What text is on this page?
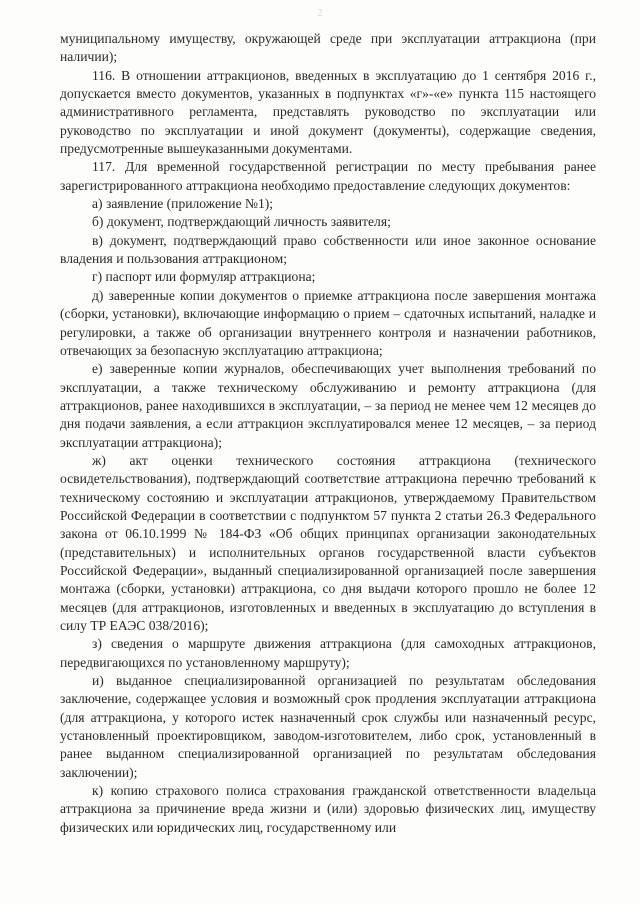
2

муниципальному имуществу, окружающей среде при эксплуатации аттракциона (при наличии);

116. В отношении аттракционов, введенных в эксплуатацию до 1 сентября 2016 г., допускается вместо документов, указанных в подпунктах «г»-«е» пункта 115 настоящего административного регламента, представлять руководство по эксплуатации или руководство по эксплуатации и иной документ (документы), содержащие сведения, предусмотренные вышеуказанными документами.

117. Для временной государственной регистрации по месту пребывания ранее зарегистрированного аттракциона необходимо предоставление следующих документов:

а) заявление (приложение №1);

б) документ, подтверждающий личность заявителя;

в) документ, подтверждающий право собственности или иное законное основание владения и пользования аттракционом;

г) паспорт или формуляр аттракциона;

д) заверенные копии документов о приемке аттракциона после завершения монтажа (сборки, установки), включающие информацию о прием – сдаточных испытаний, наладке и регулировки, а также об организации внутреннего контроля и назначении работников, отвечающих за безопасную эксплуатацию аттракциона;

е) заверенные копии журналов, обеспечивающих учет выполнения требований по эксплуатации, а также техническому обслуживанию и ремонту аттракциона (для аттракционов, ранее находившихся в эксплуатации, – за период не менее чем 12 месяцев до дня подачи заявления, а если аттракцион эксплуатировался менее 12 месяцев, – за период эксплуатации аттракциона);

ж) акт оценки технического состояния аттракциона (технического освидетельствования), подтверждающий соответствие аттракциона перечню требований к техническому состоянию и эксплуатации аттракционов, утверждаемому Правительством Российской Федерации в соответствии с подпунктом 57 пункта 2 статьи 26.3 Федерального закона от 06.10.1999 № 184-ФЗ «Об общих принципах организации законодательных (представительных) и исполнительных органов государственной власти субъектов Российской Федерации», выданный специализированной организацией после завершения монтажа (сборки, установки) аттракциона, со дня выдачи которого прошло не более 12 месяцев (для аттракционов, изготовленных и введенных в эксплуатацию до вступления в силу ТР ЕАЭС 038/2016);

з) сведения о маршруте движения аттракциона (для самоходных аттракционов, передвигающихся по установленному маршруту);

и) выданное специализированной организацией по результатам обследования заключение, содержащее условия и возможный срок продления эксплуатации аттракциона (для аттракциона, у которого истек назначенный срок службы или назначенный ресурс, установленный проектировщиком, заводом-изготовителем, либо срок, установленный в ранее выданном специализированной организацией по результатам обследования заключении);

к) копию страхового полиса страхования гражданской ответственности владельца аттракциона за причинение вреда жизни и (или) здоровью физических лиц, имуществу физических или юридических лиц, государственному или
